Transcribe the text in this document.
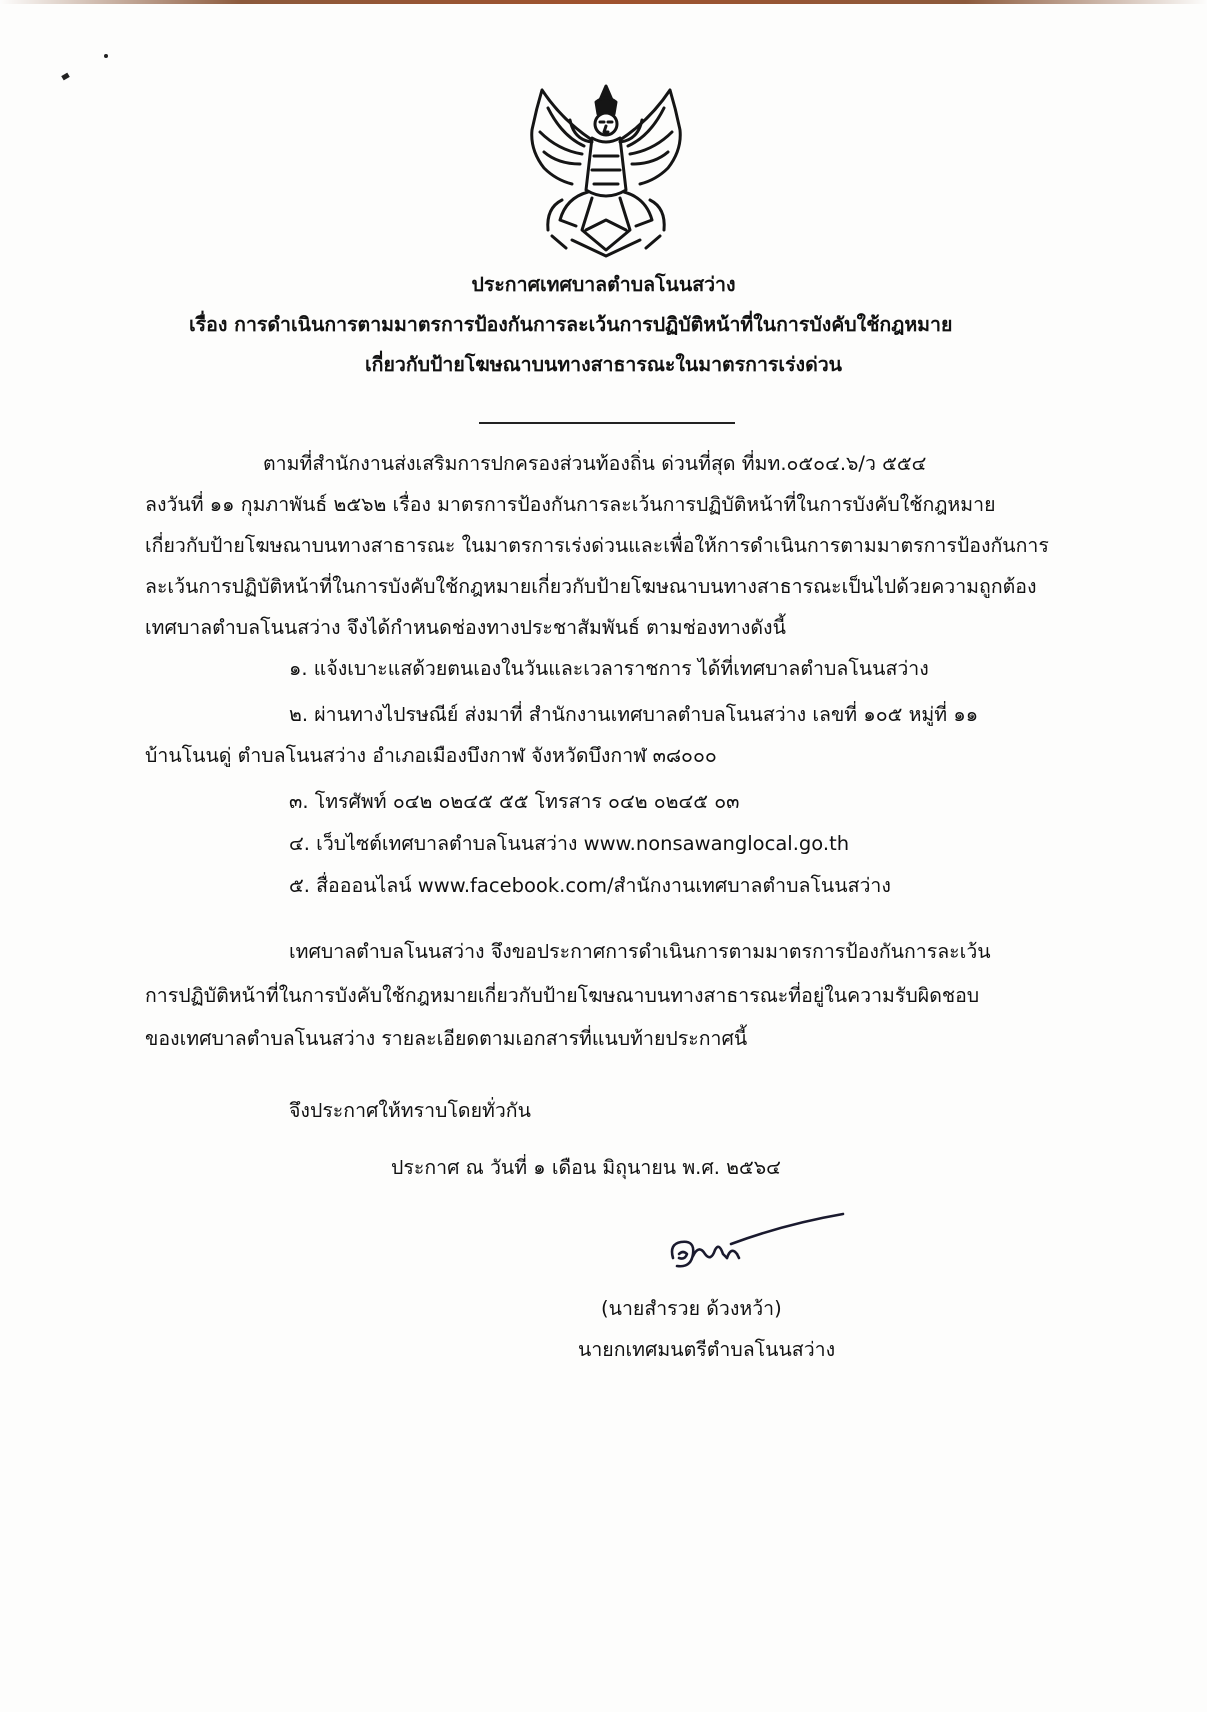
ประกาศเทศบาลตำบลโนนสว่าง
เรื่อง การดำเนินการตามมาตรการป้องกันการละเว้นการปฏิบัติหน้าที่ในการบังคับใช้กฎหมาย
เกี่ยวกับป้ายโฆษณาบนทางสาธารณะในมาตรการเร่งด่วน
ตามที่สำนักงานส่งเสริมการปกครองส่วนท้องถิ่น ด่วนที่สุด ที่มท.๐๕๐๔.๖/ว ๕๕๔
ลงวันที่ ๑๑ กุมภาพันธ์ ๒๕๖๒ เรื่อง มาตรการป้องกันการละเว้นการปฏิบัติหน้าที่ในการบังคับใช้กฎหมาย
เกี่ยวกับป้ายโฆษณาบนทางสาธารณะ ในมาตรการเร่งด่วนและเพื่อให้การดำเนินการตามมาตรการป้องกันการ
ละเว้นการปฏิบัติหน้าที่ในการบังคับใช้กฎหมายเกี่ยวกับป้ายโฆษณาบนทางสาธารณะเป็นไปด้วยความถูกต้อง
เทศบาลตำบลโนนสว่าง จึงได้กำหนดช่องทางประชาสัมพันธ์ ตามช่องทางดังนี้
๑. แจ้งเบาะแสด้วยตนเองในวันและเวลาราชการ ได้ที่เทศบาลตำบลโนนสว่าง
๒. ผ่านทางไปรษณีย์ ส่งมาที่ สำนักงานเทศบาลตำบลโนนสว่าง เลขที่ ๑๐๕ หมู่ที่ ๑๑
บ้านโนนดู่ ตำบลโนนสว่าง อำเภอเมืองบึงกาฬ จังหวัดบึงกาฬ ๓๘๐๐๐
๓. โทรศัพท์ ๐๔๒ ๐๒๔๕ ๕๕ โทรสาร ๐๔๒ ๐๒๔๕ ๐๓
๔. เว็บไซต์เทศบาลตำบลโนนสว่าง www.nonsawanglocal.go.th
๕. สื่อออนไลน์ www.facebook.com/สำนักงานเทศบาลตำบลโนนสว่าง
เทศบาลตำบลโนนสว่าง จึงขอประกาศการดำเนินการตามมาตรการป้องกันการละเว้น
การปฏิบัติหน้าที่ในการบังคับใช้กฎหมายเกี่ยวกับป้ายโฆษณาบนทางสาธารณะที่อยู่ในความรับผิดชอบ
ของเทศบาลตำบลโนนสว่าง รายละเอียดตามเอกสารที่แนบท้ายประกาศนี้
จึงประกาศให้ทราบโดยทั่วกัน
ประกาศ ณ วันที่ ๑ เดือน มิถุนายน พ.ศ. ๒๕๖๔
(นายสำรวย ด้วงหว้า)
นายกเทศมนตรีตำบลโนนสว่าง
